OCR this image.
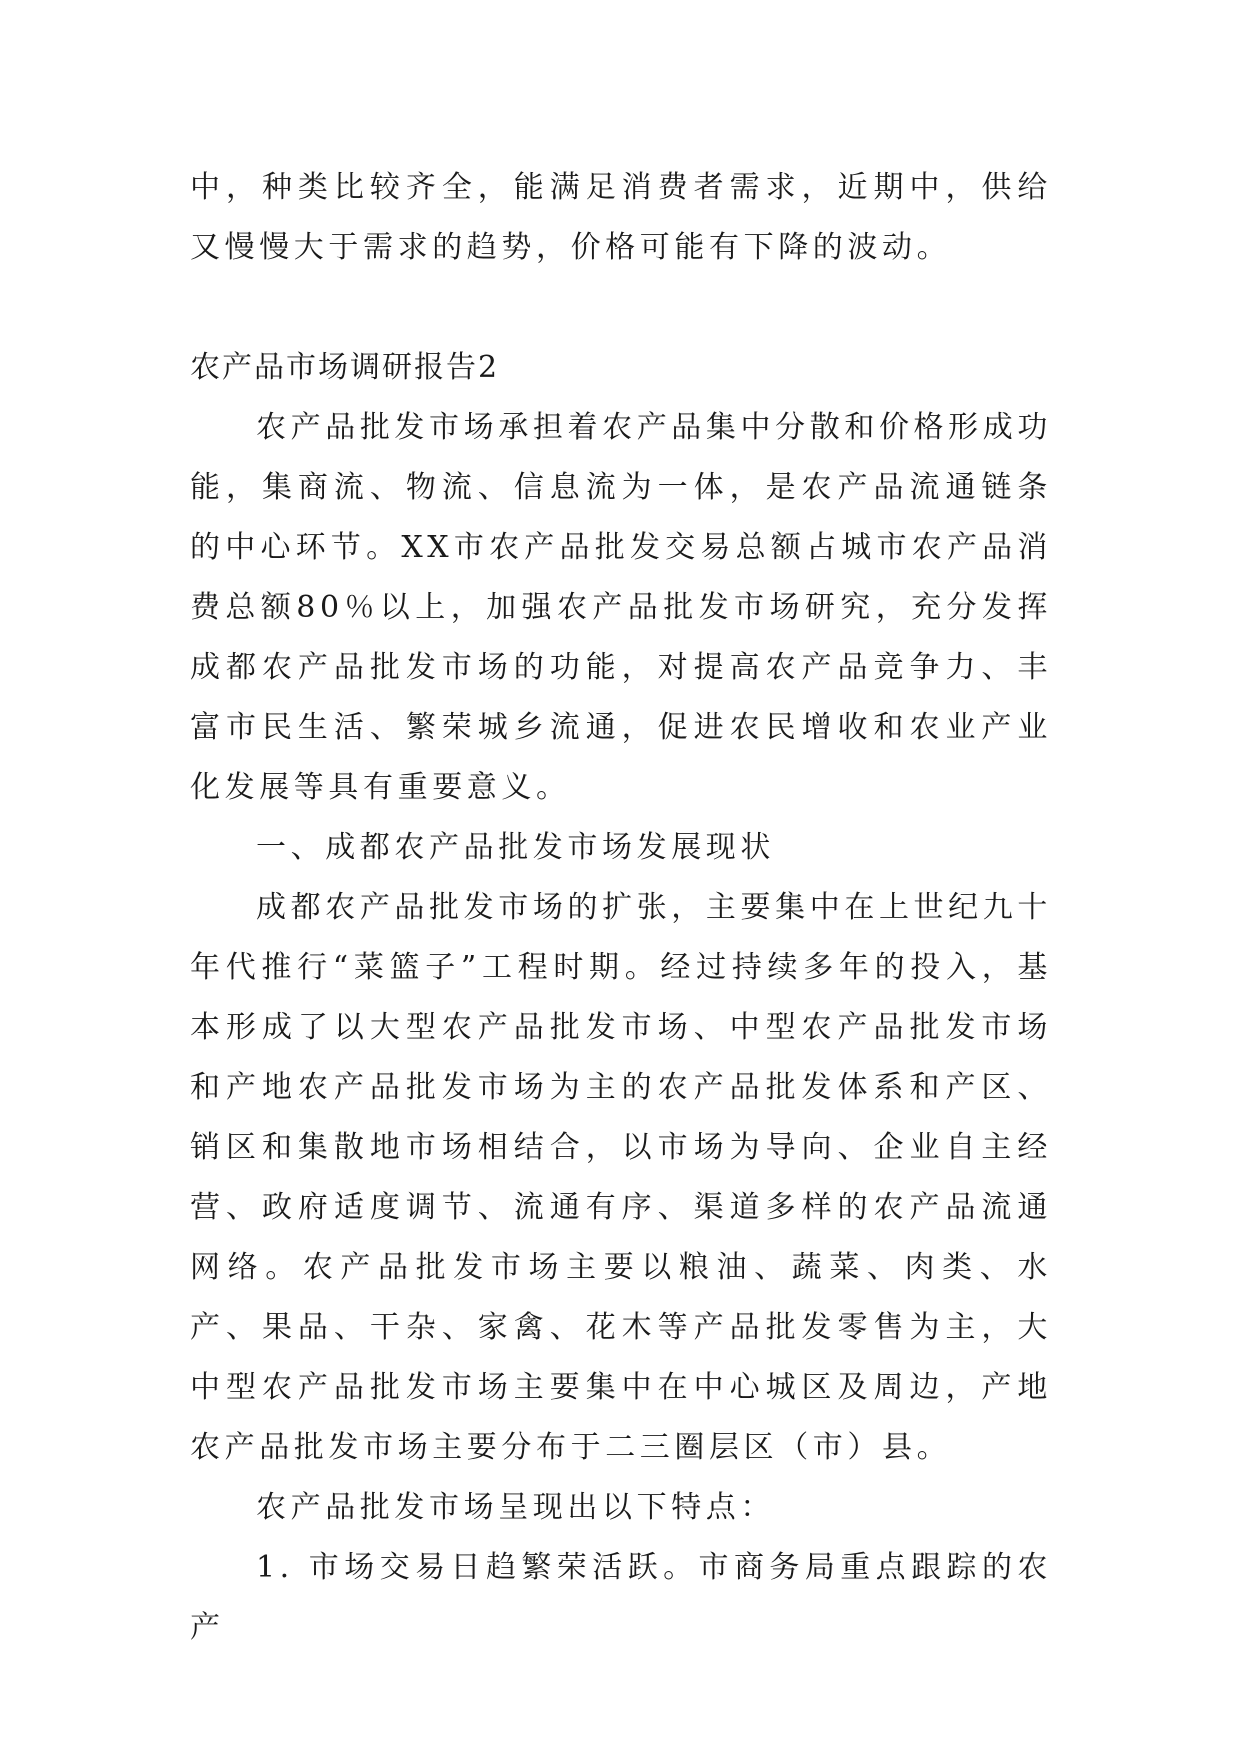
中，种类比较齐全，能满足消费者需求，近期中，供给又慢慢大于需求的趋势，价格可能有下降的波动。

农产品市场调研报告2

农产品批发市场承担着农产品集中分散和价格形成功能，集商流、物流、信息流为一体，是农产品流通链条的中心环节。XX市农产品批发交易总额占城市农产品消费总额80％以上，加强农产品批发市场研究，充分发挥成都农产品批发市场的功能，对提高农产品竞争力、丰富市民生活、繁荣城乡流通，促进农民增收和农业产业化发展等具有重要意义。

一、成都农产品批发市场发展现状

成都农产品批发市场的扩张，主要集中在上世纪九十年代推行“菜篮子”工程时期。经过持续多年的投入，基本形成了以大型农产品批发市场、中型农产品批发市场和产地农产品批发市场为主的农产品批发体系和产区、销区和集散地市场相结合，以市场为导向、企业自主经营、政府适度调节、流通有序、渠道多样的农产品流通网络。农产品批发市场主要以粮油、蔬菜、肉类、水产、果品、干杂、家禽、花木等产品批发零售为主，大中型农产品批发市场主要集中在中心城区及周边，产地农产品批发市场主要分布于二三圈层区（市）县。

农产品批发市场呈现出以下特点：

1. 市场交易日趋繁荣活跃。市商务局重点跟踪的农产
